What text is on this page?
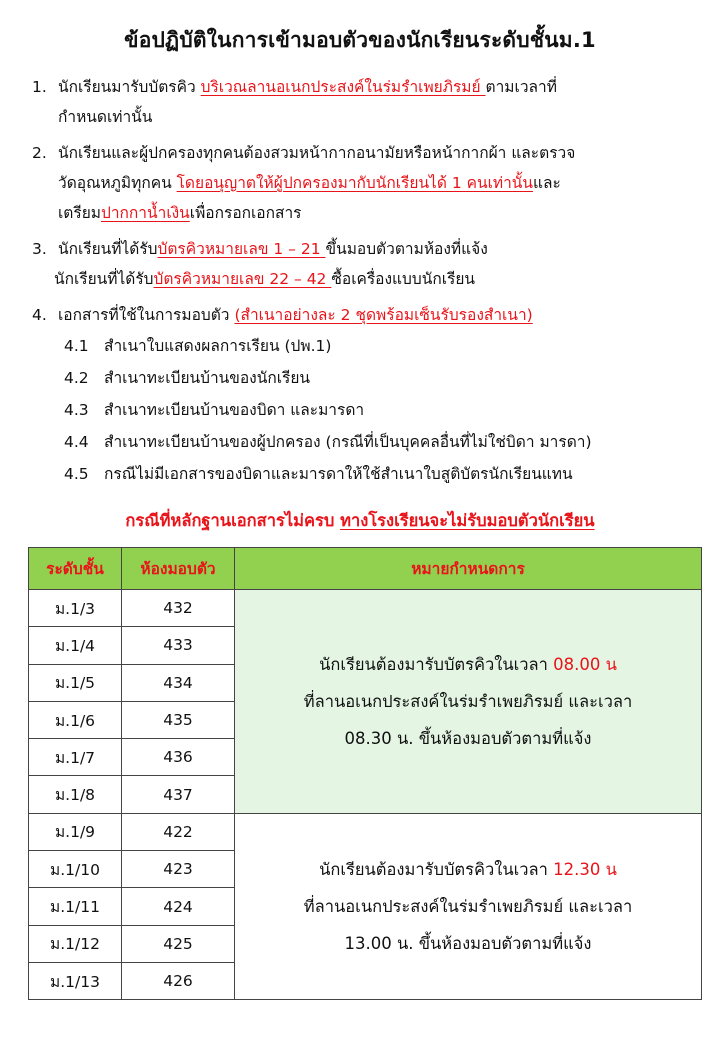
ข้อปฏิบัติในการเข้ามอบตัวของนักเรียนระดับชั้นม.1
1. นักเรียนมารับบัตรคิว บริเวณลานอเนกประสงค์ในร่มรำเพยภิรมย์ ตามเวลาที่
กำหนดเท่านั้น
2. นักเรียนและผู้ปกครองทุกคนต้องสวมหน้ากากอนามัยหรือหน้ากากผ้า และตรวจ
วัดอุณหภูมิทุกคน โดยอนุญาตให้ผู้ปกครองมากับนักเรียนได้ 1 คนเท่านั้นและ
เตรียมปากกาน้ำเงินเพื่อกรอกเอกสาร
3. นักเรียนที่ได้รับบัตรคิวหมายเลข 1 – 21 ขึ้นมอบตัวตามห้องที่แจ้ง
นักเรียนที่ได้รับบัตรคิวหมายเลข 22 – 42 ซื้อเครื่องแบบนักเรียน
4. เอกสารที่ใช้ในการมอบตัว (สำเนาอย่างละ 2 ชุดพร้อมเซ็นรับรองสำเนา)
4.1 สำเนาใบแสดงผลการเรียน (ปพ.1)
4.2 สำเนาทะเบียนบ้านของนักเรียน
4.3 สำเนาทะเบียนบ้านของบิดา และมารดา
4.4 สำเนาทะเบียนบ้านของผู้ปกครอง (กรณีที่เป็นบุคคลอื่นที่ไม่ใช่บิดา มารดา)
4.5 กรณีไม่มีเอกสารของบิดาและมารดาให้ใช้สำเนาใบสูติบัตรนักเรียนแทน
กรณีที่หลักฐานเอกสารไม่ครบ ทางโรงเรียนจะไม่รับมอบตัวนักเรียน
ระดับชั้น	ห้องมอบตัว	หมายกำหนดการ
ม.1/3	432	นักเรียนต้องมารับบัตรคิวในเวลา 08.00 น
ที่ลานอเนกประสงค์ในร่มรำเพยภิรมย์ และเวลา
08.30 น. ขึ้นห้องมอบตัวตามที่แจ้ง

ม.1/4	433	
ม.1/5	434	
ม.1/6	435	
ม.1/7	436	
ม.1/8	437	
ม.1/9	422	นักเรียนต้องมารับบัตรคิวในเวลา 12.30 น
ที่ลานอเนกประสงค์ในร่มรำเพยภิรมย์ และเวลา
13.00 น. ขึ้นห้องมอบตัวตามที่แจ้ง

ม.1/10	423	
ม.1/11	424	
ม.1/12	425	
ม.1/13	426	
